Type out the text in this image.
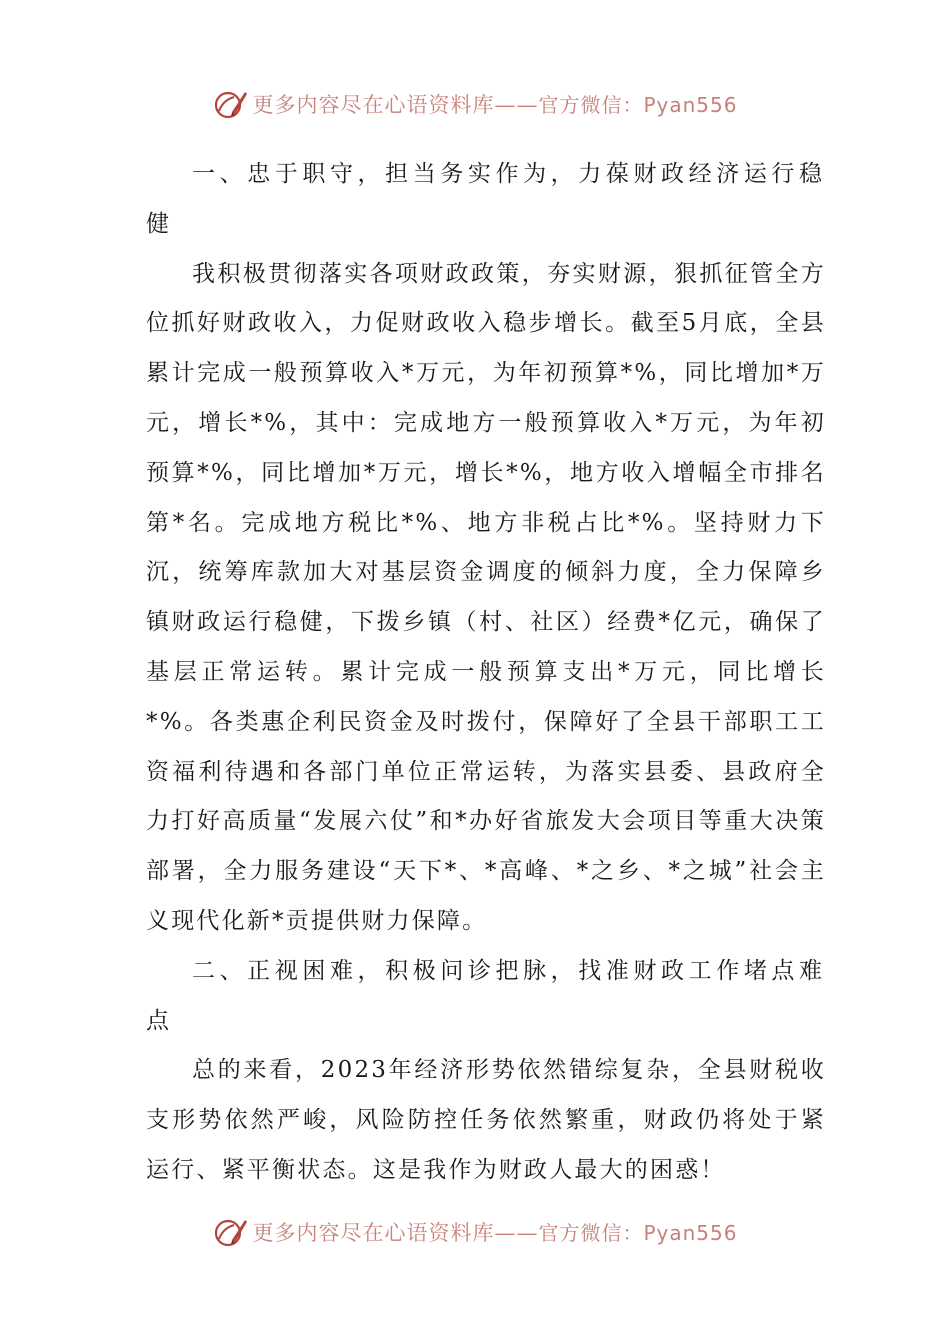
更多内容尽在心语资料库——官方微信：Pyan556

一、忠于职守，担当务实作为，力葆财政经济运行稳健

我积极贯彻落实各项财政政策，夯实财源，狠抓征管全方位抓好财政收入，力促财政收入稳步增长。截至5月底，全县累计完成一般预算收入*万元，为年初预算*%，同比增加*万元，增长*%，其中：完成地方一般预算收入*万元，为年初预算*%，同比增加*万元，增长*%，地方收入增幅全市排名第*名。完成地方税比*%、地方非税占比*%。坚持财力下沉，统筹库款加大对基层资金调度的倾斜力度，全力保障乡镇财政运行稳健，下拨乡镇（村、社区）经费*亿元，确保了基层正常运转。累计完成一般预算支出*万元，同比增长*%。各类惠企利民资金及时拨付，保障好了全县干部职工工资福利待遇和各部门单位正常运转，为落实县委、县政府全力打好高质量“发展六仗”和*办好省旅发大会项目等重大决策部署，全力服务建设“天下*、*高峰、*之乡、*之城”社会主义现代化新*贡提供财力保障。

二、正视困难，积极问诊把脉，找准财政工作堵点难点

总的来看，2023年经济形势依然错综复杂，全县财税收支形势依然严峻，风险防控任务依然繁重，财政仍将处于紧运行、紧平衡状态。这是我作为财政人最大的困惑！

更多内容尽在心语资料库——官方微信：Pyan556
